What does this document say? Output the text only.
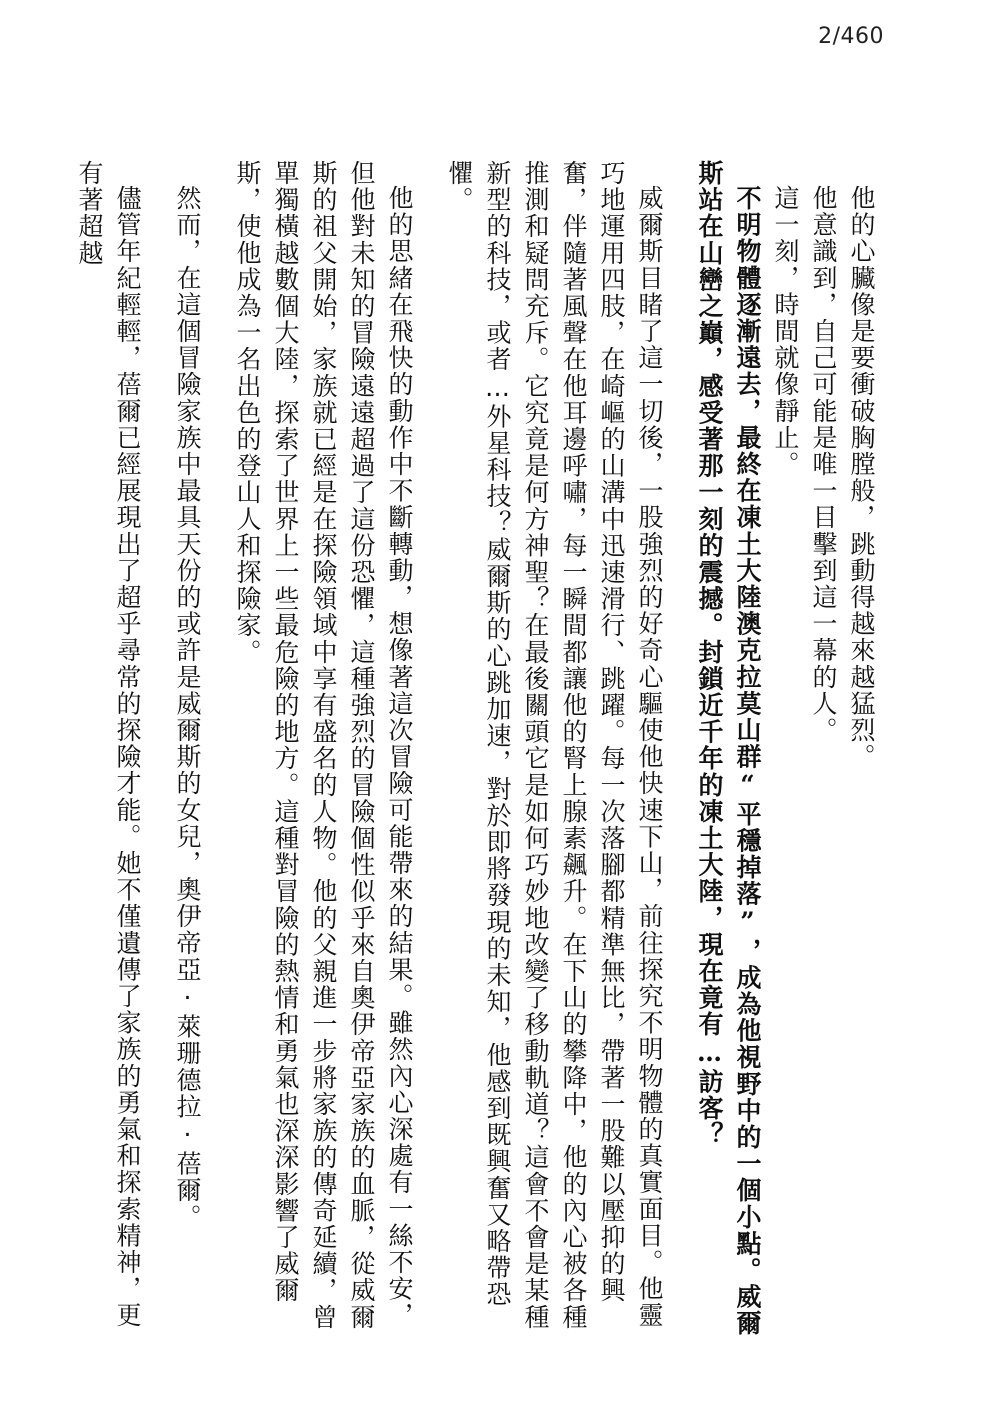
2/460

他的心臟像是要衝破胸膛般，跳動得越來越猛烈。

他意識到，自己可能是唯一目擊到這一幕的人。

這一刻，時間就像靜止。

不明物體逐漸遠去，最終在凍土大陸澳克拉莫山群“平穩掉落”，成為他視野中的一個小點。威爾斯站在山巒之巔，感受著那一刻的震撼。封鎖近千年的凍土大陸，現在竟有…訪客？

威爾斯目睹了這一切後，一股強烈的好奇心驅使他快速下山，前往探究不明物體的真實面目。他靈巧地運用四肢，在崎嶇的山溝中迅速滑行、跳躍。每一次落腳都精準無比，帶著一股難以壓抑的興奮，伴隨著風聲在他耳邊呼嘯，每一瞬間都讓他的腎上腺素飆升。在下山的攀降中，他的內心被各種推測和疑問充斥。它究竟是何方神聖？在最後關頭它是如何巧妙地改變了移動軌道？這會不會是某種新型的科技，或者…外星科技？威爾斯的心跳加速，對於即將發現的未知，他感到既興奮又略帶恐懼。

他的思緒在飛快的動作中不斷轉動，想像著這次冒險可能帶來的結果。雖然內心深處有一絲不安，但他對未知的冒險遠遠超過了這份恐懼，這種強烈的冒險個性似乎來自奧伊帝亞家族的血脈，從威爾斯的祖父開始，家族就已經是在探險領域中享有盛名的人物。他的父親進一步將家族的傳奇延續，曾單獨橫越數個大陸，探索了世界上一些最危險的地方。這種對冒險的熱情和勇氣也深深影響了威爾斯，使他成為一名出色的登山人和探險家。

然而，在這個冒險家族中最具天份的或許是威爾斯的女兒，奧伊帝亞·萊珊德拉·蓓爾。

儘管年紀輕輕，蓓爾已經展現出了超乎尋常的探險才能。她不僅遺傳了家族的勇氣和探索精神，更有著超越
